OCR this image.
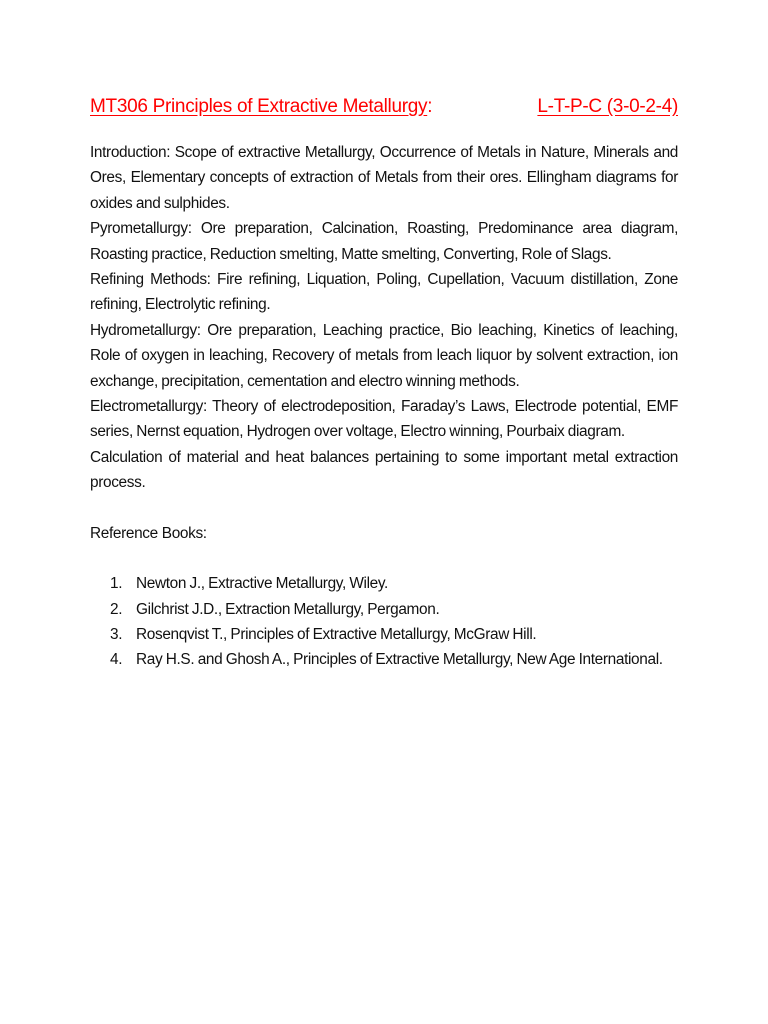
MT306 Principles of Extractive Metallurgy:	L-T-P-C (3-0-2-4)

Introduction: Scope of extractive Metallurgy, Occurrence of Metals in Nature, Minerals and Ores, Elementary concepts of extraction of Metals from their ores. Ellingham diagrams for oxides and sulphides.

Pyrometallurgy: Ore preparation, Calcination, Roasting, Predominance area diagram, Roasting practice, Reduction smelting, Matte smelting, Converting, Role of Slags.

Refining Methods: Fire refining, Liquation, Poling, Cupellation, Vacuum distillation, Zone refining, Electrolytic refining.

Hydrometallurgy: Ore preparation, Leaching practice, Bio leaching, Kinetics of leaching, Role of oxygen in leaching, Recovery of metals from leach liquor by solvent extraction, ion exchange, precipitation, cementation and electro winning methods.

Electrometallurgy: Theory of electrodeposition, Faraday’s Laws, Electrode potential, EMF series, Nernst equation, Hydrogen over voltage, Electro winning, Pourbaix diagram.

Calculation of material and heat balances pertaining to some important metal extraction process.

Reference Books:
1. Newton J., Extractive Metallurgy, Wiley.
2. Gilchrist J.D., Extraction Metallurgy, Pergamon.
3. Rosenqvist T., Principles of Extractive Metallurgy, McGraw Hill.
4. Ray H.S. and Ghosh A., Principles of Extractive Metallurgy, New Age International.
